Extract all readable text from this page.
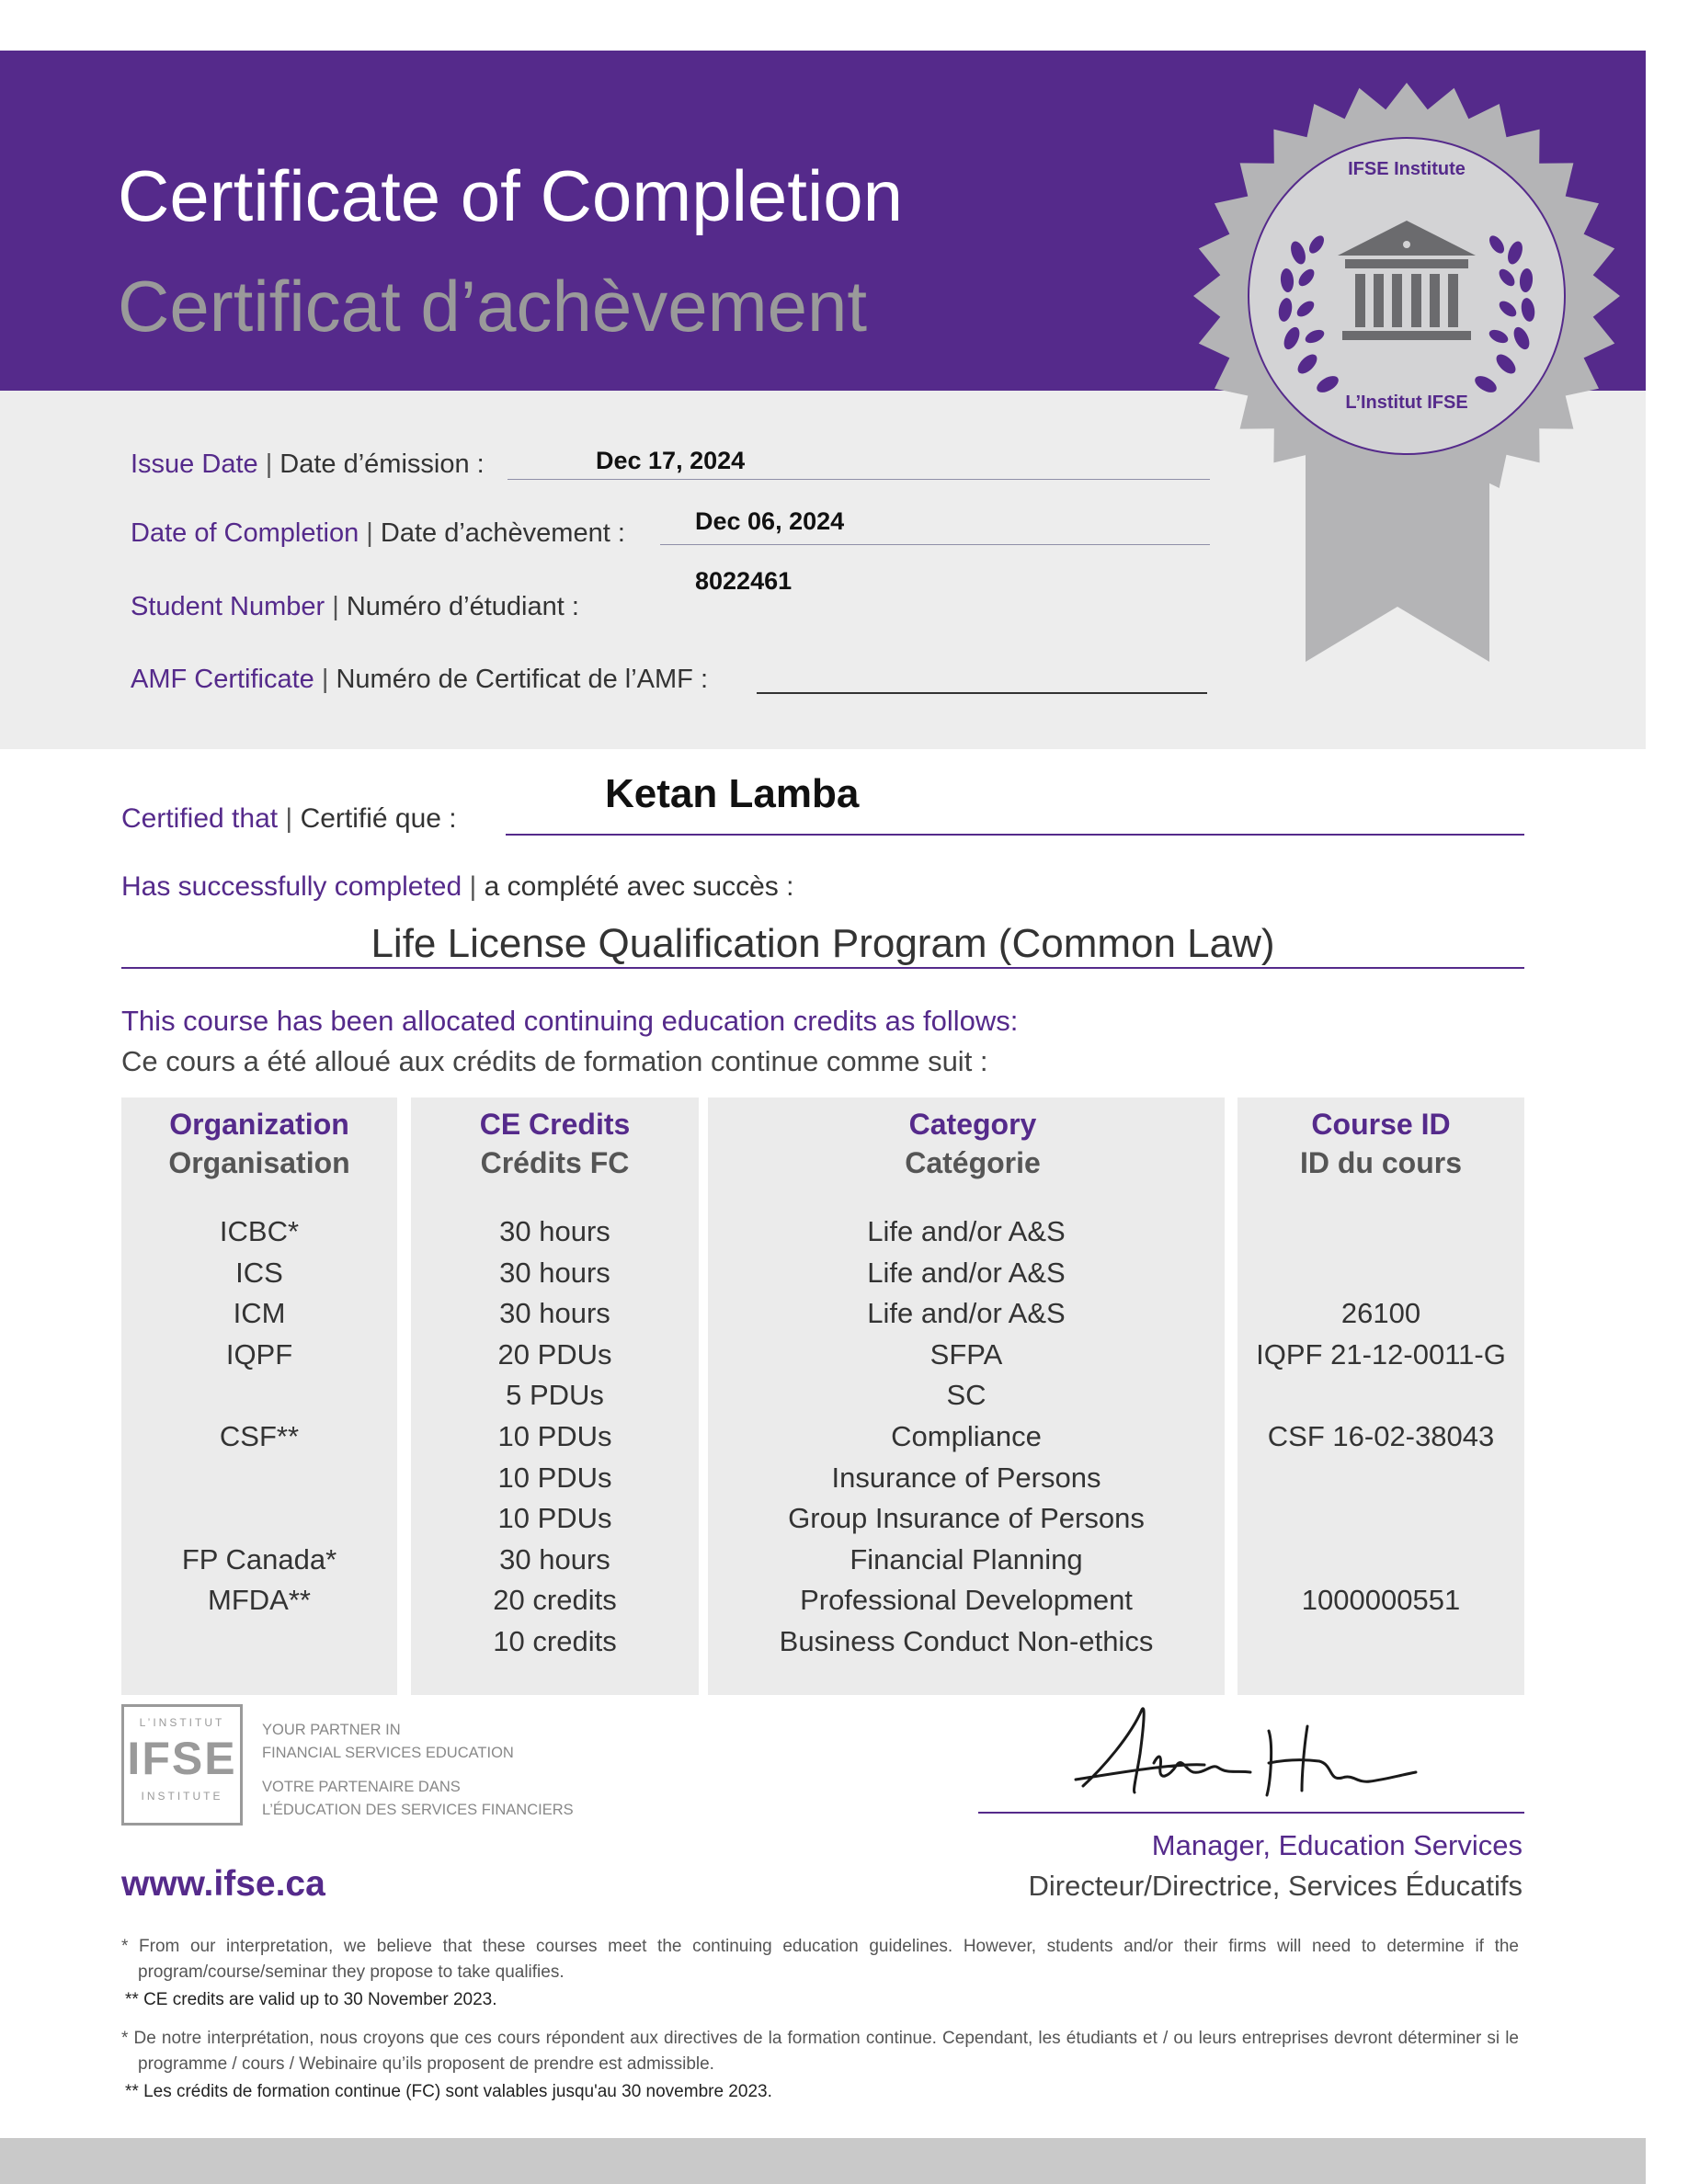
Certificate of Completion
Certificat d’achèvement
IFSE Institute
L’Institut IFSE
Issue Date | Date d’émission :	Dec 17, 2024
Date of Completion | Date d’achèvement :	Dec 06, 2024
Student Number | Numéro d’étudiant :
8022461
AMF Certificate | Numéro de Certificat de l’AMF :
Certified that | Certifié que :
Ketan Lamba
Has successfully completed | a complété avec succès :
Life License Qualification Program (Common Law)
This course has been allocated continuing education credits as follows:
Ce cours a été alloué aux crédits de formation continue comme suit :
Organization
Organisation
CE Credits
Crédits FC
Category
Catégorie
Course ID
ID du cours
ICBC*
ICS
ICM
IQPF
CSF**
FP Canada*
MFDA**
30 hours
30 hours
30 hours
20 PDUs
5 PDUs
10 PDUs
10 PDUs
10 PDUs
30 hours
20 credits
10 credits
Life and/or A&S
Life and/or A&S
Life and/or A&S
SFPA
SC
Compliance
Insurance of Persons
Group Insurance of Persons
Financial Planning
Professional Development
Business Conduct Non-ethics
26100
IQPF 21-12-0011-G
CSF 16-02-38043
1000000551
L’INSTITUT
IFSE
INSTITUTE
YOUR PARTNER IN
FINANCIAL SERVICES EDUCATION
VOTRE PARTENAIRE DANS
L’ÉDUCATION DES SERVICES FINANCIERS
www.ifse.ca
Manager, Education Services
Directeur/Directrice, Services Éducatifs
* From our interpretation, we believe that these courses meet the continuing education guidelines. However, students and/or their firms will need to determine if the program/course/seminar they propose to take qualifies.
** CE credits are valid up to 30 November 2023.
* De notre interprétation, nous croyons que ces cours répondent aux directives de la formation continue. Cependant, les étudiants et / ou leurs entreprises devront déterminer si le programme / cours / Webinaire qu’ils proposent de prendre est admissible.
** Les crédits de formation continue (FC) sont valables jusqu'au 30 novembre 2023.
